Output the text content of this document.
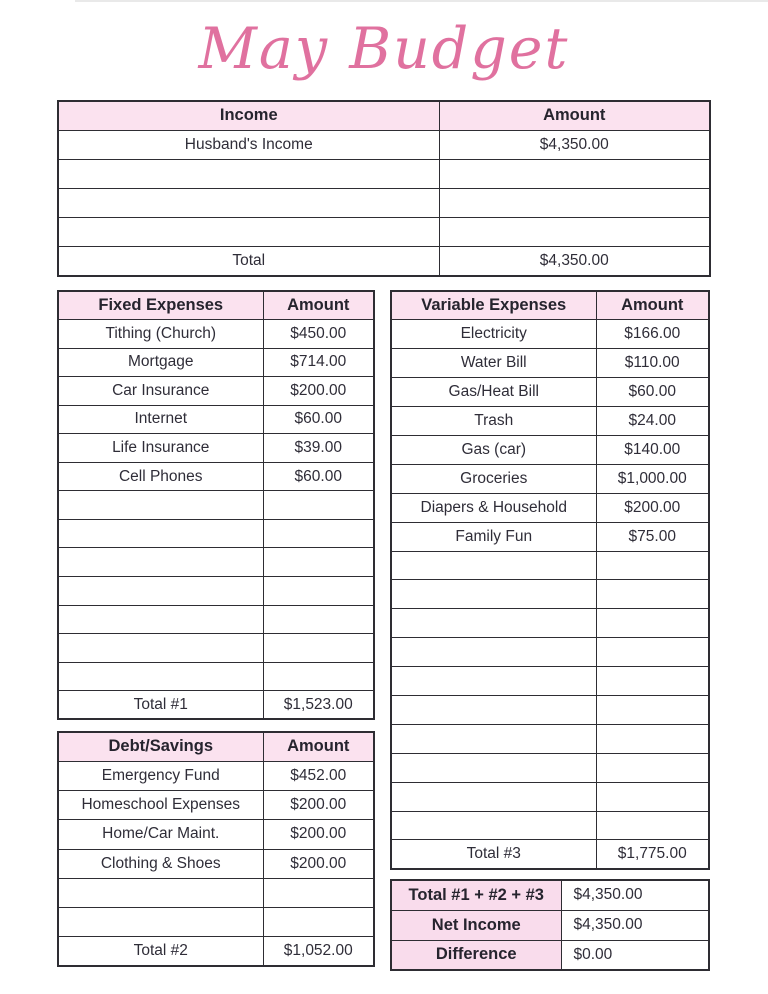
May Budget
Income	Amount
Husband's Income	$4,350.00

Total	$4,350.00
Fixed Expenses	Amount
Tithing (Church)	$450.00
Mortgage	$714.00
Car Insurance	$200.00
Internet	$60.00
Life Insurance	$39.00
Cell Phones	$60.00

Total #1	$1,523.00
Variable Expenses	Amount
Electricity	$166.00
Water Bill	$110.00
Gas/Heat Bill	$60.00
Trash	$24.00
Gas (car)	$140.00
Groceries	$1,000.00
Diapers & Household	$200.00
Family Fun	$75.00

Total #3	$1,775.00
Debt/Savings	Amount
Emergency Fund	$452.00
Homeschool Expenses	$200.00
Home/Car Maint.	$200.00
Clothing & Shoes	$200.00

Total #2	$1,052.00
Total #1 + #2 + #3	$4,350.00
Net Income	$4,350.00
Difference	$0.00
